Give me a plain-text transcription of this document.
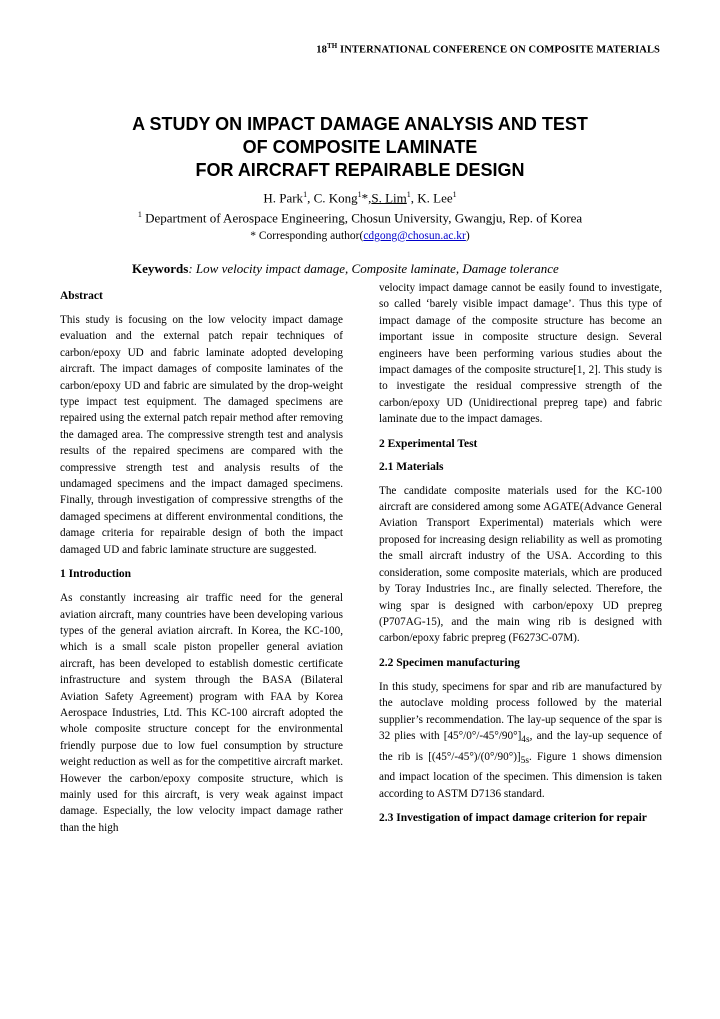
18TH INTERNATIONAL CONFERENCE ON COMPOSITE MATERIALS
A STUDY ON IMPACT DAMAGE ANALYSIS AND TEST
OF COMPOSITE LAMINATE
FOR AIRCRAFT REPAIRABLE DESIGN
H. Park$^1$, C. Kong$^1$*,S. Lim$^1$, K. Lee$^1$
$^1$ Department of Aerospace Engineering, Chosun University, Gwangju, Rep. of Korea
* Corresponding author(cdgong@chosun.ac.kr)
Keywords: Low velocity impact damage, Composite laminate, Damage tolerance
Abstract

This study is focusing on the low velocity impact damage evaluation and the external patch repair techniques of carbon/epoxy UD and fabric laminate adopted developing aircraft. The impact damages of composite laminates of the carbon/epoxy UD and fabric are simulated by the drop-weight type impact test equipment. The damaged specimens are repaired using the external patch repair method after removing the damaged area. The compressive strength test and analysis results of the repaired specimens are compared with the compressive strength test and analysis results of the undamaged specimens and the impact damaged specimens. Finally, through investigation of compressive strengths of the damaged specimens at different environmental conditions, the damage criteria for repairable design of both the impact damaged UD and fabric laminate structure are suggested.

1 Introduction

As constantly increasing air traffic need for the general aviation aircraft, many countries have been developing various types of the general aviation aircraft. In Korea, the KC-100, which is a small scale piston propeller general aviation aircraft, has been developed to establish domestic certificate infrastructure and system through the BASA (Bilateral Aviation Safety Agreement) program with FAA by Korea Aerospace Industries, Ltd. This KC-100 aircraft adopted the whole composite structure concept for the environmental friendly purpose due to low fuel consumption by structure weight reduction as well as for the competitive aircraft market. However the carbon/epoxy composite structure, which is mainly used for this aircraft, is very weak against impact damage. Especially, the low velocity impact damage rather than the high

velocity impact damage cannot be easily found to investigate, so called ‘barely visible impact damage’. Thus this type of impact damage of the composite structure has become an important issue in composite structure design. Several engineers have been performing various studies about the impact damages of the composite structure[1, 2]. This study is to investigate the residual compressive strength of the carbon/epoxy UD (Unidirectional prepreg tape) and fabric laminate due to the impact damages.

2 Experimental Test
2.1 Materials

The candidate composite materials used for the KC-100 aircraft are considered among some AGATE(Advance General Aviation Transport Experimental) materials which were proposed for increasing design reliability as well as promoting the small aircraft industry of the USA. According to this consideration, some composite materials, which are produced by Toray Industries Inc., are finally selected. Therefore, the wing spar is designed with carbon/epoxy UD prepreg (P707AG-15), and the main wing rib is designed with carbon/epoxy fabric prepreg (F6273C-07M).

2.2 Specimen manufacturing

In this study, specimens for spar and rib are manufactured by the autoclave molding process followed by the material supplier’s recommendation. The lay-up sequence of the spar is 32 plies with $[45^\circ/0^\circ/-45^\circ/90^\circ]_{4s}$, and the lay-up sequence of the rib is $[(45^\circ/-45^\circ)/(0^\circ/90^\circ)]_{5s}$. Figure 1 shows dimension and impact location of the specimen. This dimension is taken according to ASTM D7136 standard.

2.3 Investigation of impact damage criterion for repair
